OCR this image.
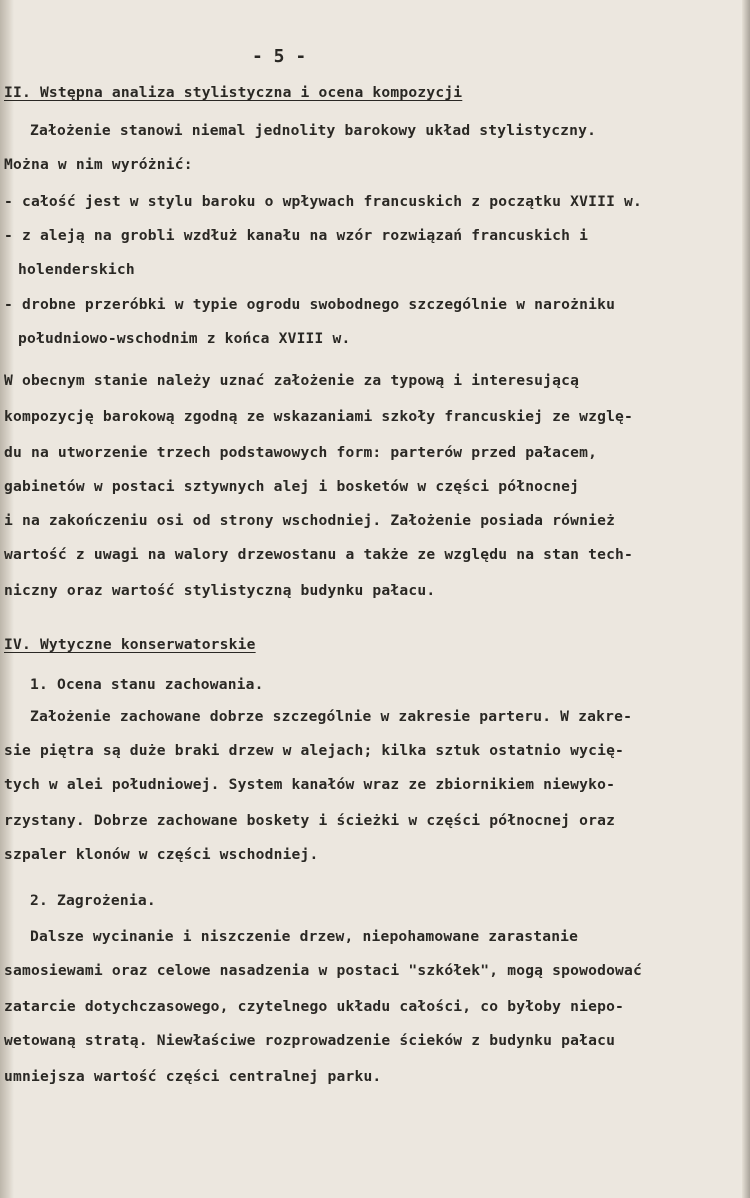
- 5 -
II. Wstępna analiza stylistyczna i ocena kompozycji
Założenie stanowi niemal jednolity barokowy układ stylistyczny.
Można w nim wyróżnić:
- całość jest w stylu baroku o wpływach francuskich z początku XVIII w.
- z aleją na grobli wzdłuż kanału na wzór rozwiązań francuskich i
holenderskich
- drobne przeróbki w typie ogrodu swobodnego szczególnie w narożniku
południowo-wschodnim z końca XVIII w.
W obecnym stanie należy uznać założenie za typową i interesującą
kompozycję barokową zgodną ze wskazaniami szkoły francuskiej ze wzglę-
du na utworzenie trzech podstawowych form: parterów przed pałacem,
gabinetów w postaci sztywnych alej i bosketów w części północnej
i na zakończeniu osi od strony wschodniej. Założenie posiada również
wartość z uwagi na walory drzewostanu a także ze względu na stan tech-
niczny oraz wartość stylistyczną budynku pałacu.
IV. Wytyczne konserwatorskie
1. Ocena stanu zachowania.
Założenie zachowane dobrze szczególnie w zakresie parteru. W zakre-
sie piętra są duże braki drzew w alejach; kilka sztuk ostatnio wycię-
tych w alei południowej. System kanałów wraz ze zbiornikiem niewyko-
rzystany. Dobrze zachowane boskety i ścieżki w części północnej oraz
szpaler klonów w części wschodniej.
2. Zagrożenia.
Dalsze wycinanie i niszczenie drzew, niepohamowane zarastanie
samosiewami oraz celowe nasadzenia w postaci "szkółek", mogą spowodować
zatarcie dotychczasowego, czytelnego układu całości, co byłoby niepo-
wetowaną stratą. Niewłaściwe rozprowadzenie ścieków z budynku pałacu
umniejsza wartość części centralnej parku.
